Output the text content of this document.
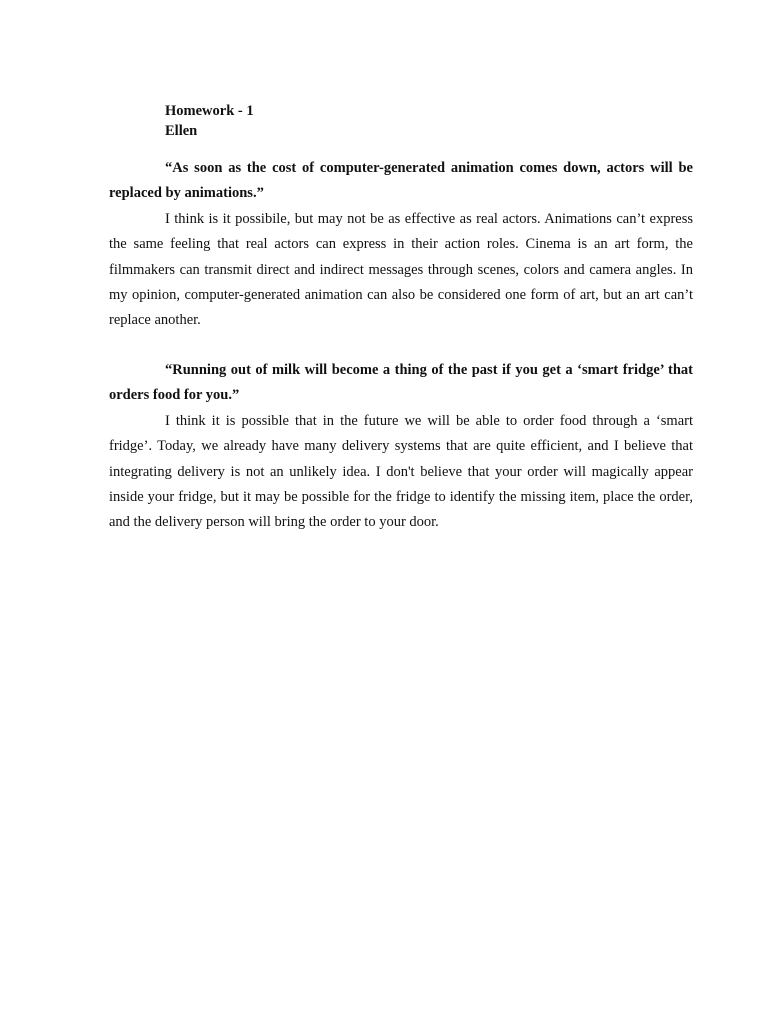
Homework - 1
Ellen

“As soon as the cost of computer-generated animation comes down, actors will be replaced by animations.”

I think is it possibile, but may not be as effective as real actors. Animations can’t express the same feeling that real actors can express in their action roles. Cinema is an art form, the filmmakers can transmit direct and indirect messages through scenes, colors and camera angles. In my opinion, computer-generated animation can also be considered one form of art, but an art can’t replace another.

“Running out of milk will become a thing of the past if you get a ‘smart fridge’ that orders food for you.”

I think it is possible that in the future we will be able to order food through a ‘smart fridge’. Today, we already have many delivery systems that are quite efficient, and I believe that integrating delivery is not an unlikely idea. I don't believe that your order will magically appear inside your fridge, but it may be possible for the fridge to identify the missing item, place the order, and the delivery person will bring the order to your door.
